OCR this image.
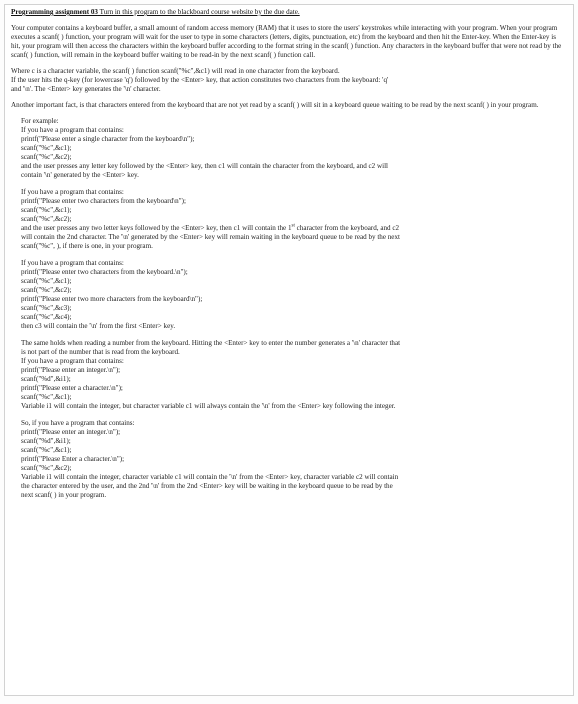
Programming assignment 03 Turn in this program to the blackboard course website by the due date.

Your computer contains a keyboard buffer, a small amount of random access memory (RAM) that it uses to store the users' keystrokes while interacting with your program. When your program executes a scanf( ) function, your program will wait for the user to type in some characters (letters, digits, punctuation, etc) from the keyboard and then hit the Enter-key. When the Enter-key is hit, your program will then access the characters within the keyboard buffer according to the format string in the scanf( ) function. Any characters in the keyboard buffer that were not read by the scanf( ) function, will remain in the keyboard buffer waiting to be read-in by the next scanf( ) function call.

Where c is a character variable, the scanf( ) function scanf("%c",&c1) will read in one character from the keyboard.
If the user hits the q-key (for lowercase 'q') followed by the <Enter> key, that action constitutes two characters from the keyboard: 'q'
and '\n'. The <Enter> key generates the '\n' character.

Another important fact, is that characters entered from the keyboard that are not yet read by a scanf( ) will sit in a keyboard queue waiting to be read by the next scanf( ) in your program.

For example:
If you have a program that contains:
printf("Please enter a single character from the keyboard\n");
scanf("%c",&c1);
scanf("%c",&c2);
and the user presses any letter key followed by the <Enter> key, then c1 will contain the character from the keyboard, and c2 will
contain '\n' generated by the <Enter> key.
If you have a program that contains:
printf("Please enter two characters from the keyboard\n");
scanf("%c",&c1);
scanf("%c",&c2);
and the user presses any two letter keys followed by the <Enter> key, then c1 will contain the 1st character from the keyboard, and c2
will contain the 2nd character. The '\n' generated by the <Enter> key will remain waiting in the keyboard queue to be read by the next
scanf("%c", ), if there is one, in your program.
If you have a program that contains:
printf("Please enter two characters from the keyboard.\n");
scanf("%c",&c1);
scanf("%c",&c2);
printf("Please enter two more characters from the keyboard\n");
scanf("%c",&c3);
scanf("%c",&c4);
then c3 will contain the '\n' from the first <Enter> key.
The same holds when reading a number from the keyboard. Hitting the <Enter> key to enter the number generates a '\n' character that
is not part of the number that is read from the keyboard.
If you have a program that contains:
printf("Please enter an integer.\n");
scanf("%d",&i1);
printf("Please enter a character.\n");
scanf("%c",&c1);
Variable i1 will contain the integer, but character variable c1 will always contain the '\n' from the <Enter> key following the integer.
So, if you have a program that contains:
printf("Please enter an integer.\n");
scanf("%d",&i1);
scanf("%c",&c1);
printf("Please Enter a character.\n");
scanf("%c",&c2);
Variable i1 will contain the integer, character variable c1 will contain the '\n' from the <Enter> key, character variable c2 will contain
the character entered by the user, and the 2nd '\n' from the 2nd <Enter> key will be waiting in the keyboard queue to be read by the
next scanf( ) in your program.
